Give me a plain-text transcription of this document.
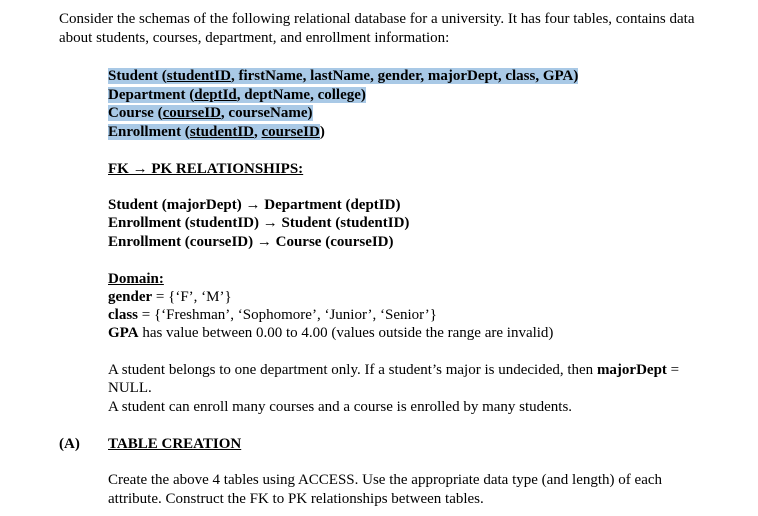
Consider the schemas of the following relational database for a university. It has four tables, contains data
about students, courses, department, and enrollment information:
Student (studentID, firstName, lastName, gender, majorDept, class, GPA)
Department (deptId, deptName, college)
Course (courseID, courseName)
Enrollment (studentID, courseID)
FK → PK RELATIONSHIPS:
Student (majorDept) → Department (deptID)
Enrollment (studentID) → Student (studentID)
Enrollment (courseID) → Course (courseID)
Domain:
gender = {‘F’, ‘M’}
class = {‘Freshman’, ‘Sophomore’, ‘Junior’, ‘Senior’}
GPA has value between 0.00 to 4.00 (values outside the range are invalid)
A student belongs to one department only. If a student’s major is undecided, then majorDept =
NULL.
A student can enroll many courses and a course is enrolled by many students.
(A) TABLE CREATION
Create the above 4 tables using ACCESS. Use the appropriate data type (and length) of each
attribute. Construct the FK to PK relationships between tables.
